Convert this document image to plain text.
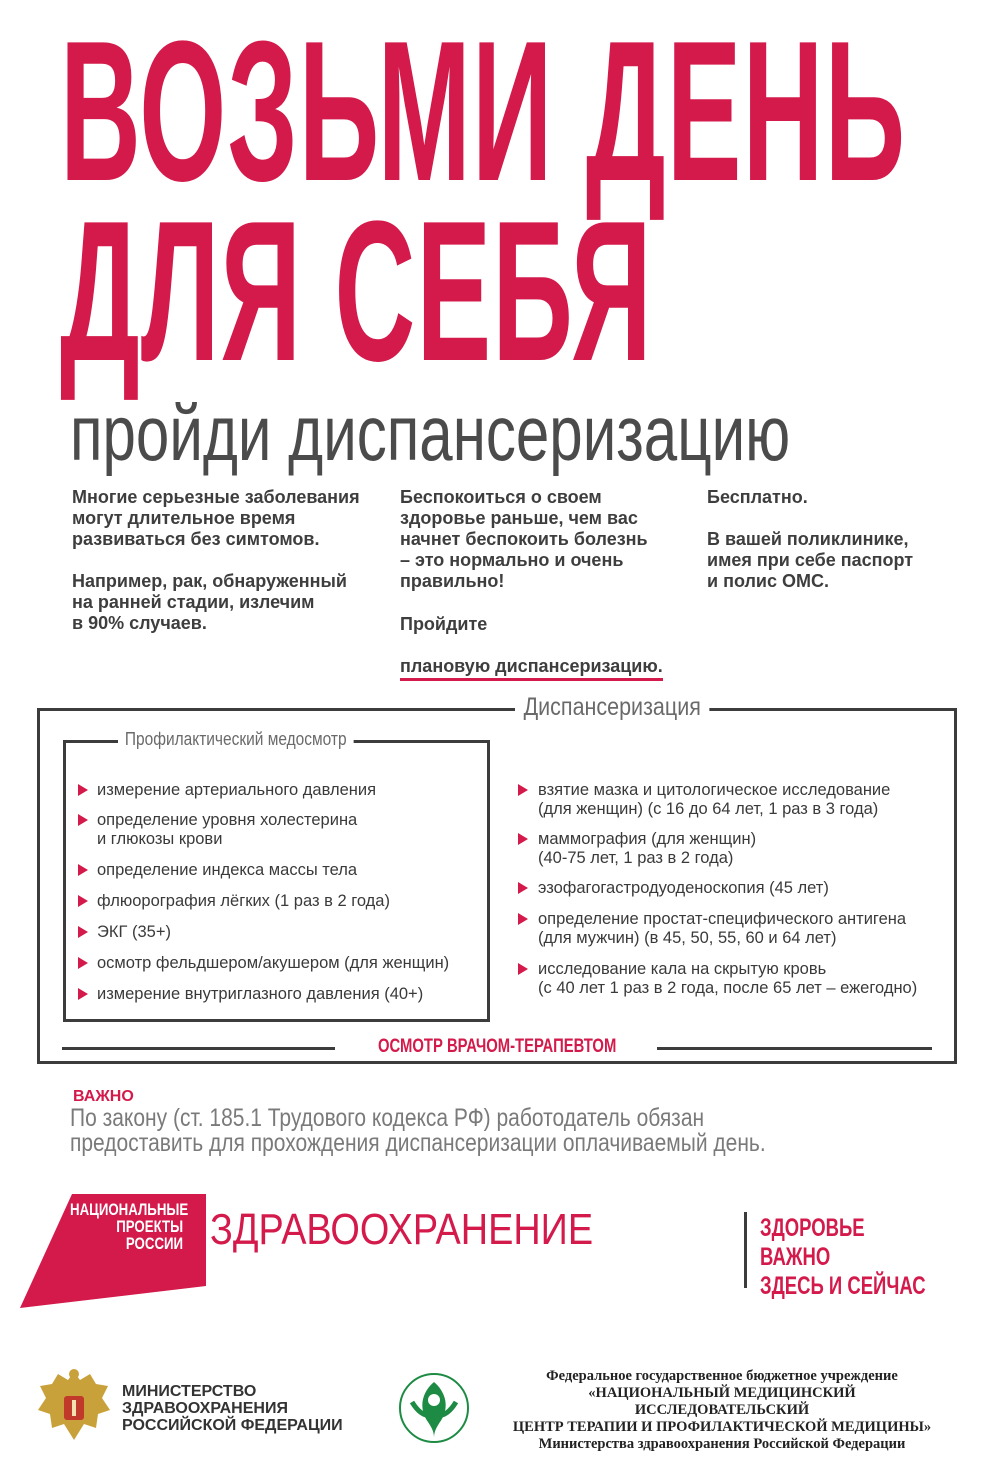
ВОЗЬМИ ДЕНЬ
ДЛЯ СЕБЯ
пройди диспансеризацию
Многие серьезные заболевания
могут длительное время
развиваться без симтомов.
Например, рак, обнаруженный
на ранней стадии, излечим
в 90% случаев.
Беспокоиться о своем
здоровье раньше, чем вас
начнет беспокоить болезнь
– это нормально и очень
правильно!
Пройдите

плановую диспансеризацию.

Бесплатно.
В вашей поликлинике,
имея при себе паспорт
и полис ОМС.
Диспансеризация
Профилактический медосмотр
измерение артериального давления
определение уровня холестерина
и глюкозы крови
определение индекса массы тела
флюорография лёгких (1 раз в 2 года)
ЭКГ (35+)
осмотр фельдшером/акушером (для женщин)
измерение внутриглазного давления (40+)
взятие мазка и цитологическое исследование
(для женщин) (с 16 до 64 лет, 1 раз в 3 года)
маммография (для женщин)
(40-75 лет, 1 раз в 2 года)
эзофагогастродуоденоскопия (45 лет)
определение простат-специфического антигена
(для мужчин) (в 45, 50, 55, 60 и 64 лет)
исследование кала на скрытую кровь
(с 40 лет 1 раз в 2 года, после 65 лет – ежегодно)
ОСМОТР ВРАЧОМ-ТЕРАПЕВТОМ
ВАЖНО
По закону (ст. 185.1 Трудового кодекса РФ) работодатель обязан
предоставить для прохождения диспансеризации оплачиваемый день.
НАЦИОНАЛЬНЫЕ
ПРОЕКТЫ
РОССИИ ЗДРАВООХРАНЕНИЕ	ЗДОРОВЬЕ ВАЖНО
ЗДЕСЬ И СЕЙЧАС
МИНИСТЕРСТВО
ЗДРАВООХРАНЕНИЯ
РОССИЙСКОЙ ФЕДЕРАЦИИ
Федеральное государственное бюджетное учреждение
«НАЦИОНАЛЬНЫЙ МЕДИЦИНСКИЙ ИССЛЕДОВАТЕЛЬСКИЙ
ЦЕНТР ТЕРАПИИ И ПРОФИЛАКТИЧЕСКОЙ МЕДИЦИНЫ»
Министерства здравоохранения Российской Федерации
